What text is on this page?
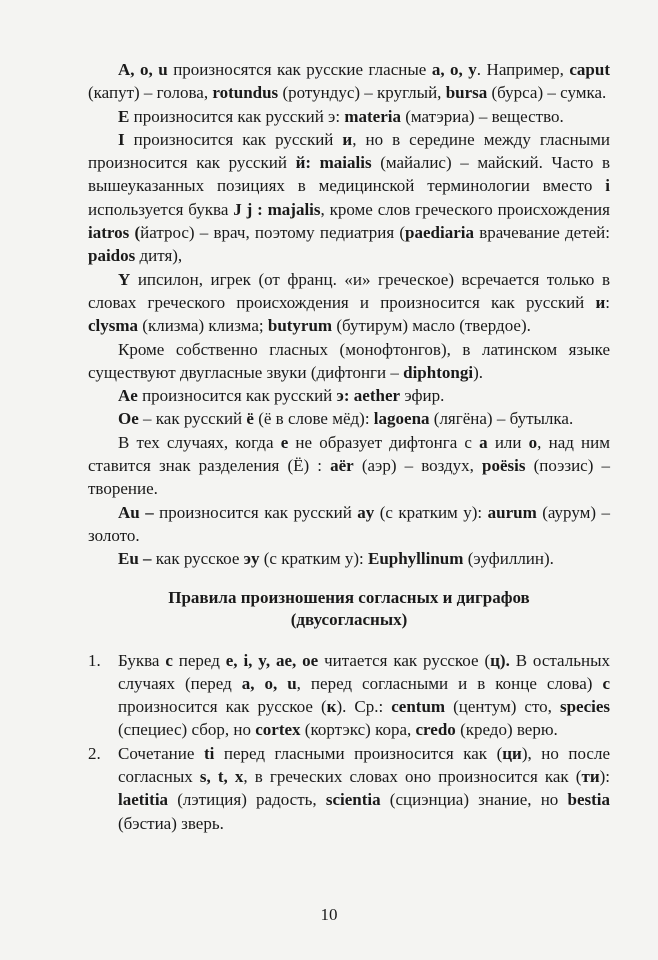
A, o, u произносятся как русские гласные a, o, y. Например, caput (капут) – голова, rotundus (ротундус) – круглый, bursa (бурса) – сумка.

E произносится как русский э: materia (матэриа) – вещество.

I произносится как русский и, но в середине между гласными произносится как русский й: maialis (майалис) – майский. Часто в вышеуказанных позициях в медицинской терминологии вместо i используется буква J j : majalis, кроме слов греческого происхождения iatros (йатрос) – врач, поэтому педиатрия (paediaria врачевание детей: paidos дитя),

Y ипсилон, игрек (от франц. «и» греческое) всречается только в словах греческого происхождения и произносится как русский и: clysma (клизма) клизма; butyrum (бутирум) масло (твердое).

Кроме собственно гласных (монофтонгов), в латинском языке существуют двугласные звуки (дифтонги – diphtongi).

Ae произносится как русский э: aether эфир.

Oe – как русский ё (ё в слове мёд): lagoena (лягёна) – бутылка.

В тех случаях, когда e не образует дифтонга с a или o, над ним ставится знак разделения (Ё) : aër (аэр) – воздух, poësis (поэзис) – творение.

Au – произносится как русский ay (с кратким у): aurum (аурум) – золото.

Eu – как русское эу (с кратким у): Euphyllinum (эуфиллин).

Правила произношения согласных и диграфов
(двусогласных)
1. Буква c перед e, i, y, ae, oe читается как русское (ц). В остальных случаях (перед a, o, u, перед согласными и в конце слова) c произносится как русское (к). Ср.: centum (центум) сто, species (специес) сбор, но cortex (кортэкс) кора, credo (кредо) верю.
2. Сочетание ti перед гласными произносится как (ци), но после согласных s, t, x, в греческих словах оно произносится как (ти): laetitia (лэтиция) радость, scientia (сциэнциа) знание, но bestia (бэстиа) зверь.
10
